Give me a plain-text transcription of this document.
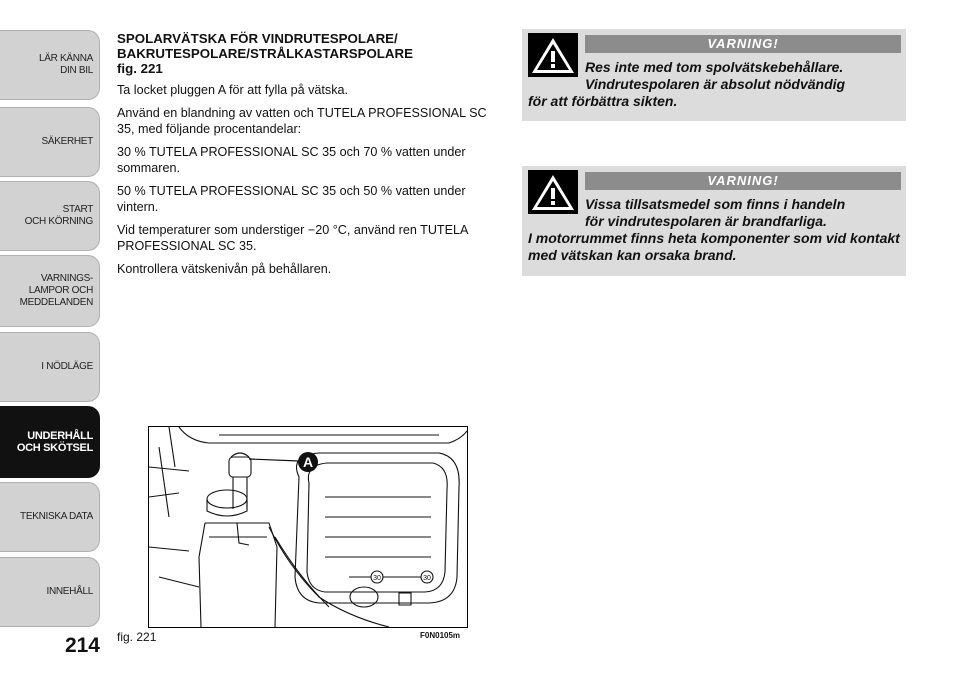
LÄR KÄNNA
DIN BIL
SÄKERHET
START
OCH KÖRNING
VARNINGS-
LAMPOR OCH
MEDDELANDEN
I NÖDLÄGE
UNDERHÅLL
OCH SKÖTSEL
TEKNISKA DATA
INNEHÅLL
214
SPOLARVÄTSKA FÖR VINDRUTESPOLARE/
BAKRUTESPOLARE/STRÅLKASTARSPOLARE
fig. 221

Ta locket pluggen A för att fylla på vätska.

Använd en blandning av vatten och TUTELA PROFESSIONAL SC 35, med följande procentandelar:

30 % TUTELA PROFESSIONAL SC 35 och 70 % vatten under sommaren.

50 % TUTELA PROFESSIONAL SC 35 och 50 % vatten under vintern.

Vid temperaturer som understiger −20 °C, använd ren TUTELA PROFESSIONAL SC 35.

Kontrollera vätskenivån på behållaren.

VARNING!
Res inte med tom spolvätskebehållare.
Vindrutespolaren är absolut nödvändig
för att förbättra sikten.
VARNING!
Vissa tillsatsmedel som finns i handeln
för vindrutespolaren är brandfarliga.
I motorrummet finns heta komponenter som vid kontakt med vätskan kan orsaka brand.
A
30	30
fig. 221	F0N0105m
